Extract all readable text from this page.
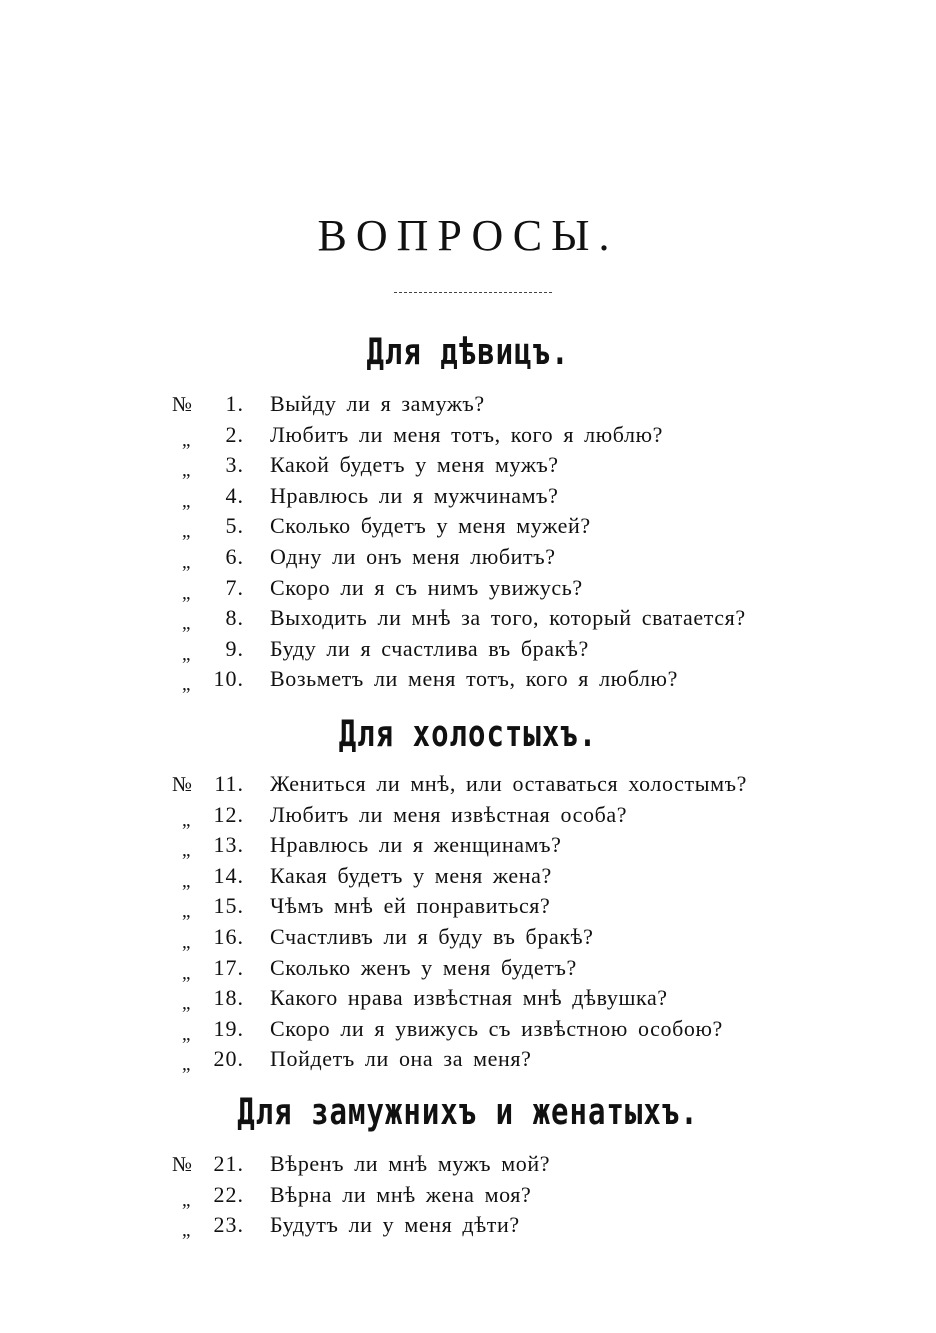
ВОПРОСЫ.
Для дѣвицъ.
№	1. Выйду ли я замужъ?
„	2. Любитъ ли меня тотъ, кого я люблю?
„	3. Какой будетъ у меня мужъ?
„	4. Нравлюсь ли я мужчинамъ?
„	5. Сколько будетъ у меня мужей?
„	6. Одну ли онъ меня любитъ?
„	7. Скоро ли я съ нимъ увижусь?
„	8. Выходить ли мнѣ за того, который сватается?
„	9. Буду ли я счастлива въ бракѣ?
„	10. Возьметъ ли меня тотъ, кого я люблю?
Для холостыхъ.
№	11. Жениться ли мнѣ, или оставаться холостымъ?
„	12. Любитъ ли меня извѣстная особа?
„	13. Нравлюсь ли я женщинамъ?
„	14. Какая будетъ у меня жена?
„	15. Чѣмъ мнѣ ей понравиться?
„	16. Счастливъ ли я буду въ бракѣ?
„	17. Сколько женъ у меня будетъ?
„	18. Какого нрава извѣстная мнѣ дѣвушка?
„	19. Скоро ли я увижусь съ извѣстною особою?
„	20. Пойдетъ ли она за меня?
Для замужнихъ и женатыхъ.
№ 21. Вѣренъ ли мнѣ мужъ мой?
„	22. Вѣрна ли мнѣ жена моя?
„	23. Будутъ ли у меня дѣти?
